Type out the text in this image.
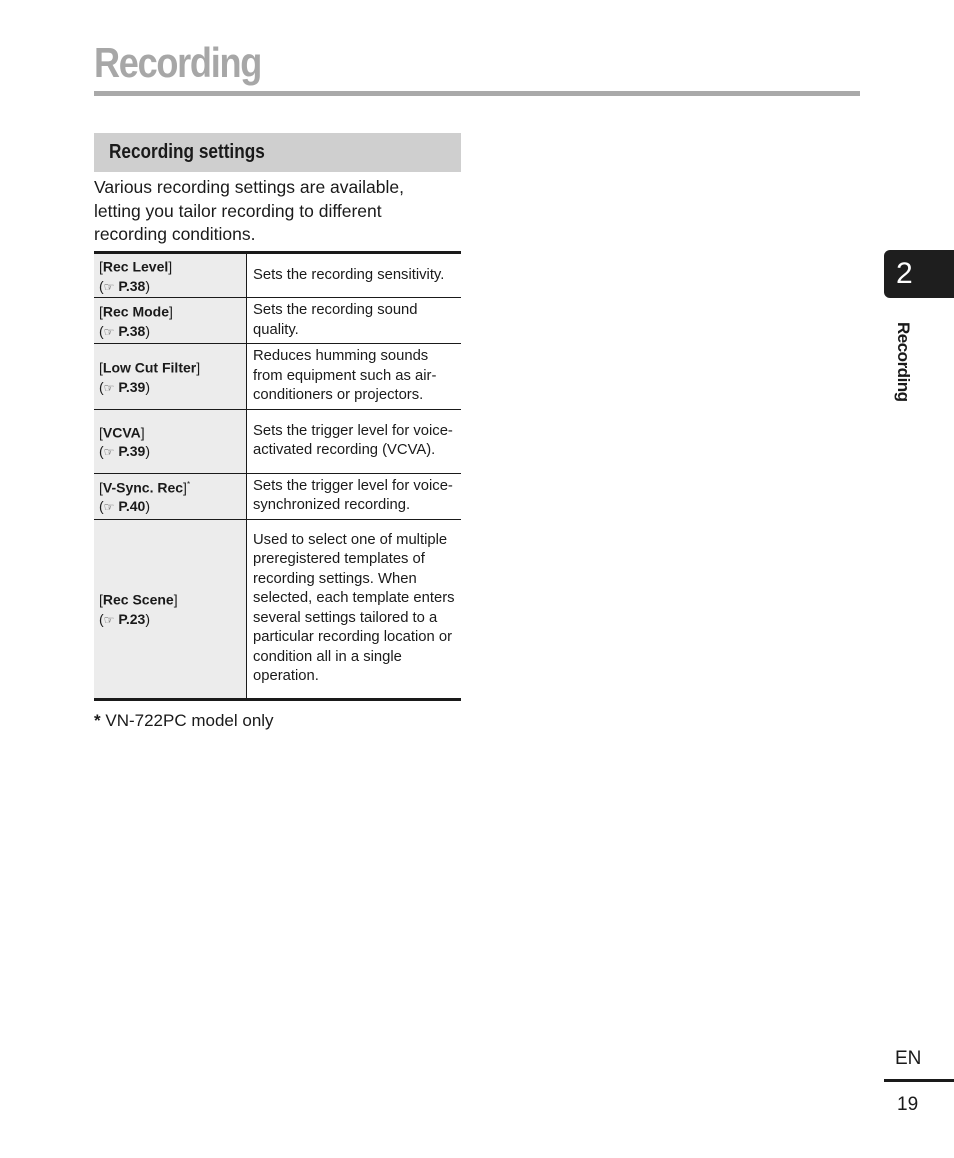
Recording
Recording settings
Various recording settings are available, letting you tailor recording to different recording conditions.
[Rec Level]
(☞ P.38)	Sets the recording sensitivity.

[Rec Mode]
(☞ P.38)	Sets the recording sound quality.

[Low Cut Filter]
(☞ P.39)	Reduces humming sounds from equipment such as air-conditioners or projectors.

[VCVA]
(☞ P.39)	Sets the trigger level for voice-activated recording (VCVA).

[V-Sync. Rec]*
(☞ P.40)	Sets the trigger level for voice-synchronized recording.

[Rec Scene]
(☞ P.23)	Used to select one of multiple preregistered templates of recording settings. When selected, each template enters several settings tailored to a particular recording location or condition all in a single operation.
* VN-722PC model only
2
Recording
EN
19
